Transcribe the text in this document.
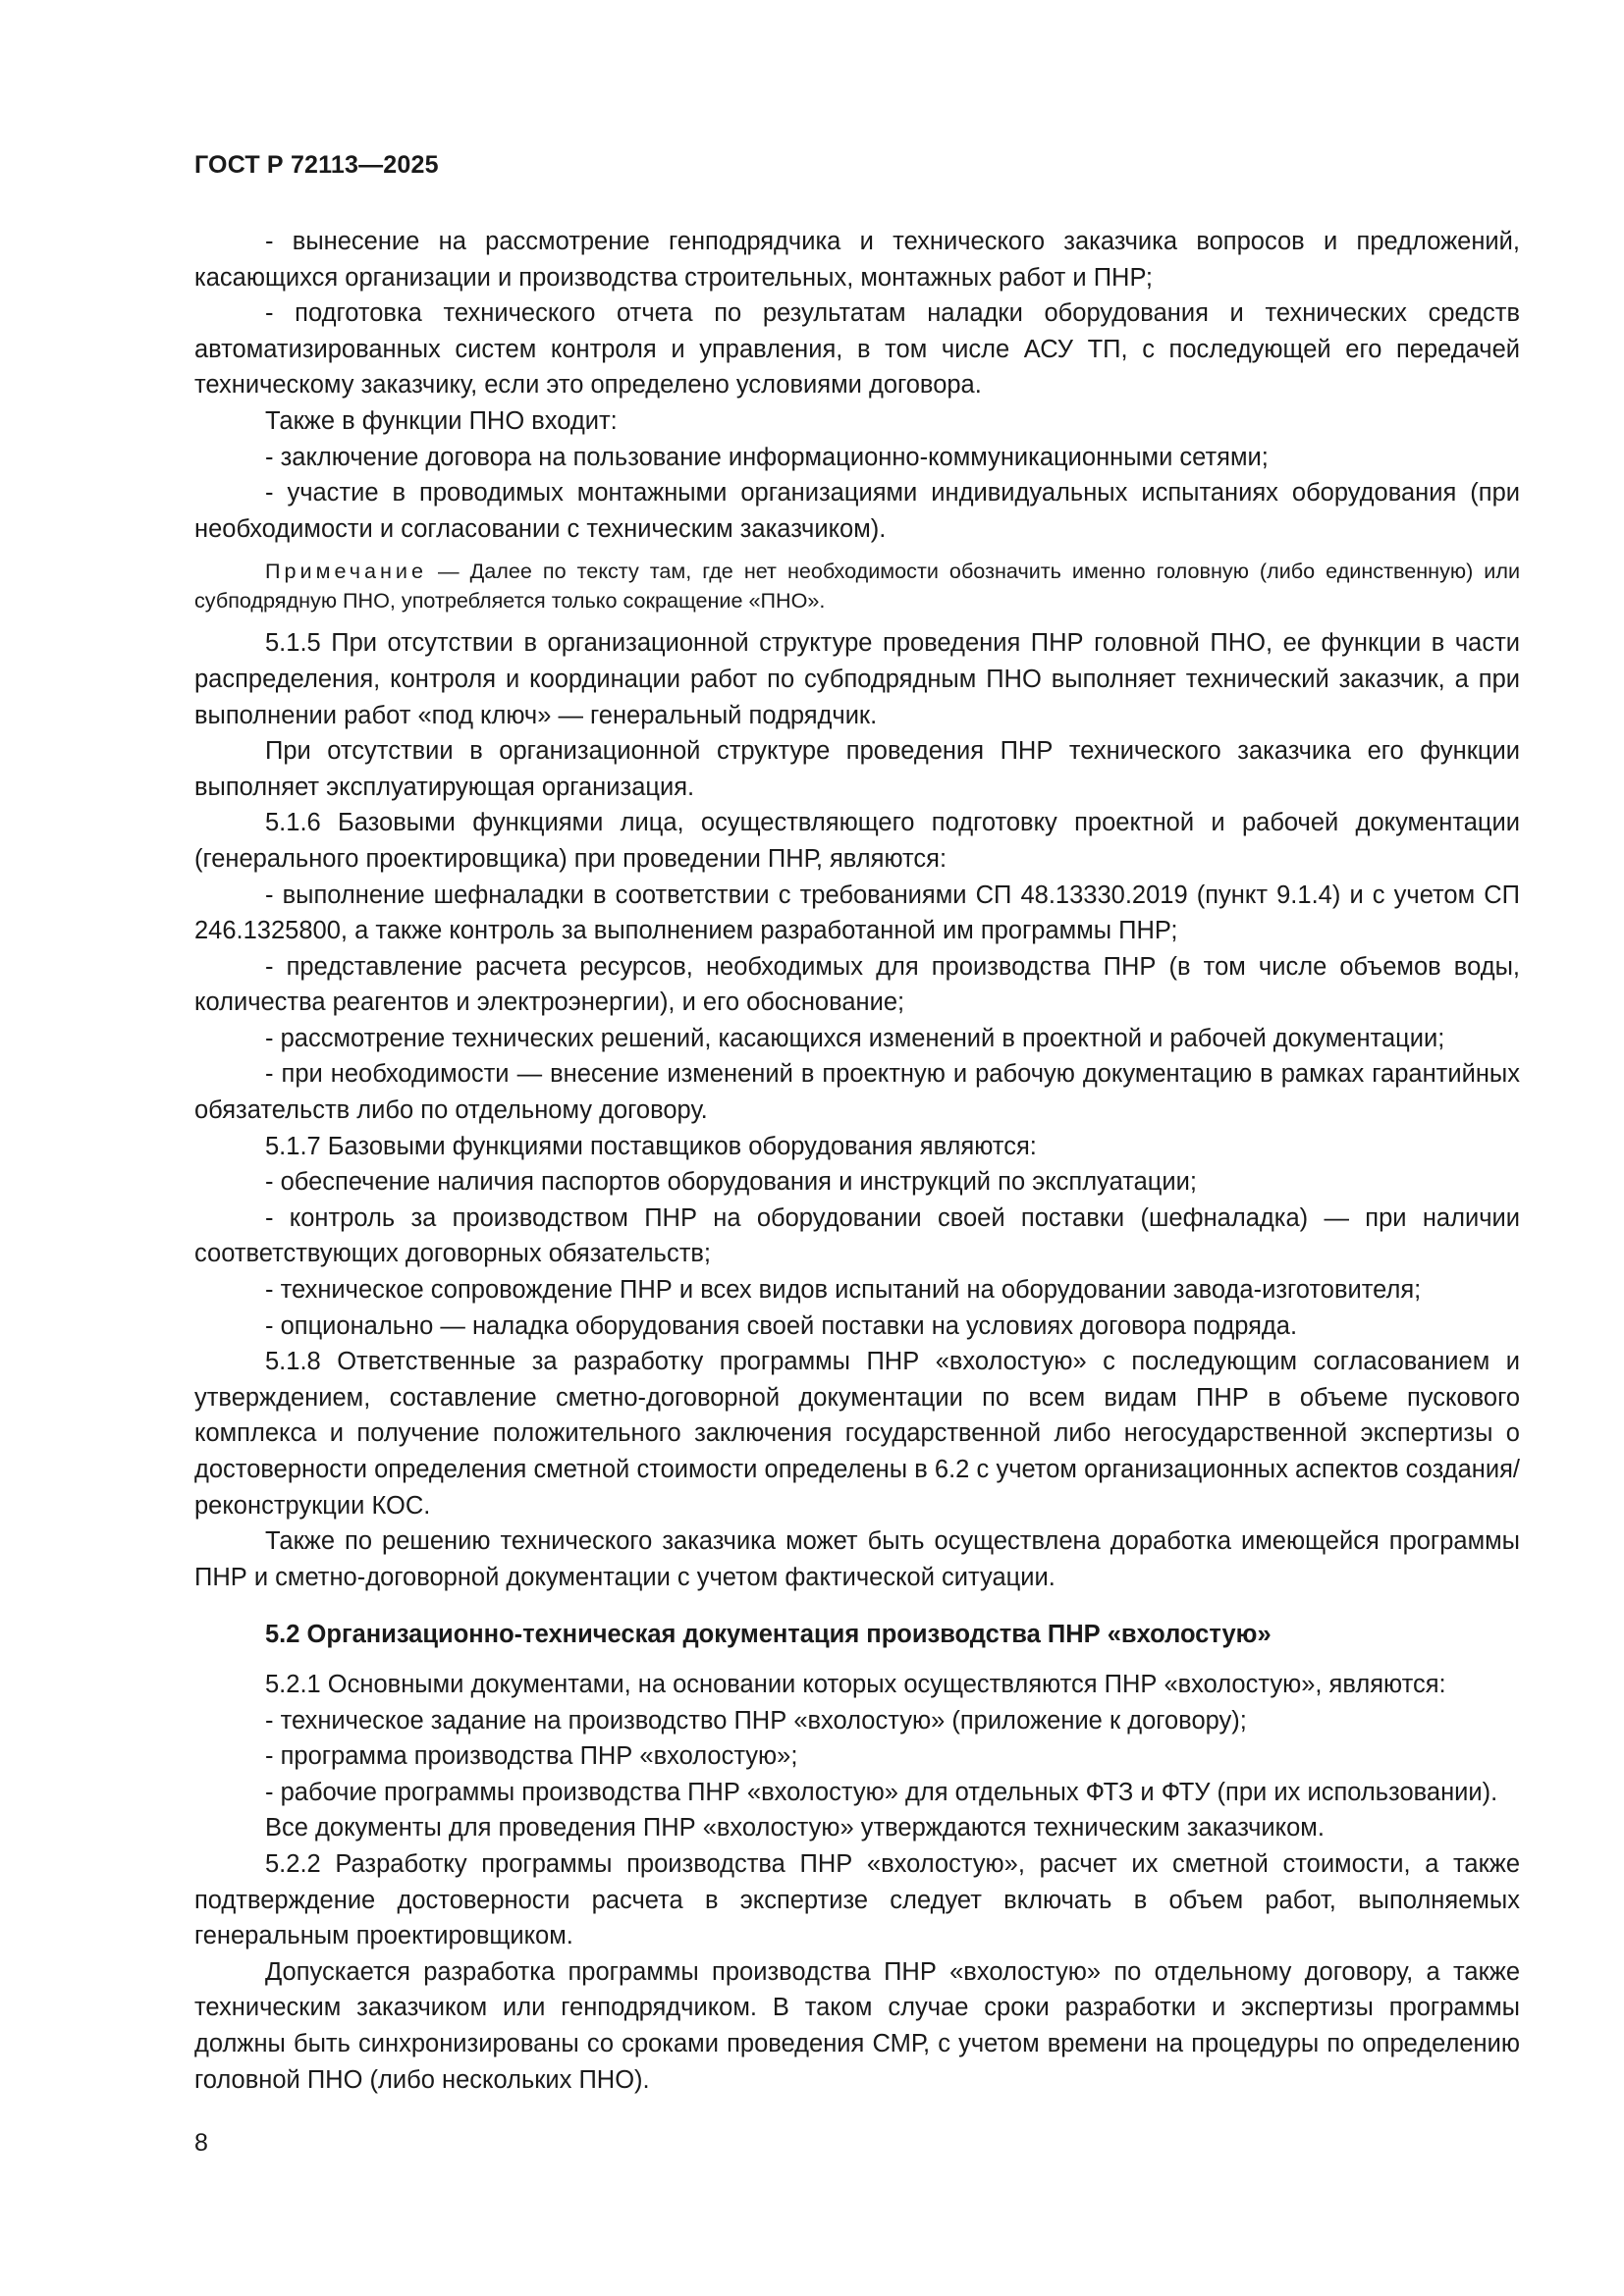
ГОСТ Р 72113—2025

- вынесение на рассмотрение генподрядчика и технического заказчика вопросов и предложений, касающихся организации и производства строительных, монтажных работ и ПНР;

- подготовка технического отчета по результатам наладки оборудования и технических средств автоматизированных систем контроля и управления, в том числе АСУ ТП, с последующей его передачей техническому заказчику, если это определено условиями договора.

Также в функции ПНО входит:

- заключение договора на пользование информационно-коммуникационными сетями;

- участие в проводимых монтажными организациями индивидуальных испытаниях оборудования (при необходимости и согласовании с техническим заказчиком).

Примечание — Далее по тексту там, где нет необходимости обозначить именно головную (либо единственную) или субподрядную ПНО, употребляется только сокращение «ПНО».

5.1.5 При отсутствии в организационной структуре проведения ПНР головной ПНО, ее функции в части распределения, контроля и координации работ по субподрядным ПНО выполняет технический заказчик, а при выполнении работ «под ключ» — генеральный подрядчик.

При отсутствии в организационной структуре проведения ПНР технического заказчика его функции выполняет эксплуатирующая организация.

5.1.6 Базовыми функциями лица, осуществляющего подготовку проектной и рабочей документации (генерального проектировщика) при проведении ПНР, являются:

- выполнение шефналадки в соответствии с требованиями СП 48.13330.2019 (пункт 9.1.4) и с учетом СП 246.1325800, а также контроль за выполнением разработанной им программы ПНР;

- представление расчета ресурсов, необходимых для производства ПНР (в том числе объемов воды, количества реагентов и электроэнергии), и его обоснование;

- рассмотрение технических решений, касающихся изменений в проектной и рабочей документации;

- при необходимости — внесение изменений в проектную и рабочую документацию в рамках гарантийных обязательств либо по отдельному договору.

5.1.7 Базовыми функциями поставщиков оборудования являются:

- обеспечение наличия паспортов оборудования и инструкций по эксплуатации;

- контроль за производством ПНР на оборудовании своей поставки (шефналадка) — при наличии соответствующих договорных обязательств;

- техническое сопровождение ПНР и всех видов испытаний на оборудовании завода-изготовителя;

- опционально — наладка оборудования своей поставки на условиях договора подряда.

5.1.8 Ответственные за разработку программы ПНР «вхолостую» с последующим согласованием и утверждением, составление сметно-договорной документации по всем видам ПНР в объеме пускового комплекса и получение положительного заключения государственной либо негосударственной экспертизы о достоверности определения сметной стоимости определены в 6.2 с учетом организационных аспектов создания/реконструкции КОС.

Также по решению технического заказчика может быть осуществлена доработка имеющейся программы ПНР и сметно-договорной документации с учетом фактической ситуации.

5.2 Организационно-техническая документация производства ПНР «вхолостую»

5.2.1 Основными документами, на основании которых осуществляются ПНР «вхолостую», являются:

- техническое задание на производство ПНР «вхолостую» (приложение к договору);

- программа производства ПНР «вхолостую»;

- рабочие программы производства ПНР «вхолостую» для отдельных ФТЗ и ФТУ (при их использовании).

Все документы для проведения ПНР «вхолостую» утверждаются техническим заказчиком.

5.2.2 Разработку программы производства ПНР «вхолостую», расчет их сметной стоимости, а также подтверждение достоверности расчета в экспертизе следует включать в объем работ, выполняемых генеральным проектировщиком.

Допускается разработка программы производства ПНР «вхолостую» по отдельному договору, а также техническим заказчиком или генподрядчиком. В таком случае сроки разработки и экспертизы программы должны быть синхронизированы со сроками проведения СМР, с учетом времени на процедуры по определению головной ПНО (либо нескольких ПНО).

8
